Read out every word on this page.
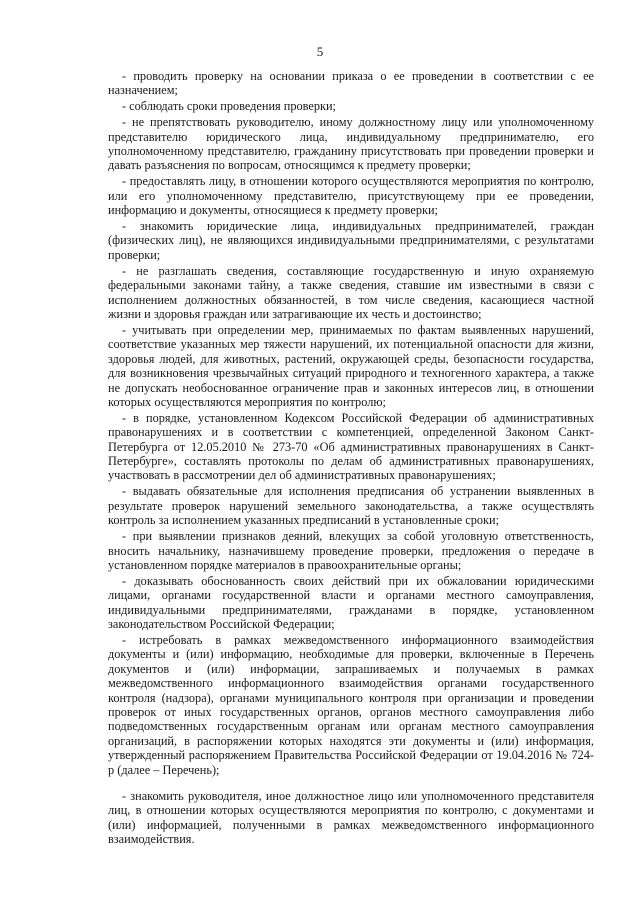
5

- проводить проверку на основании приказа о ее проведении в соответствии с ее назначением;

- соблюдать сроки проведения проверки;

- не препятствовать руководителю, иному должностному лицу или уполномоченному представителю юридического лица, индивидуальному предпринимателю, его уполномоченному представителю, гражданину присутствовать при проведении проверки и давать разъяснения по вопросам, относящимся к предмету проверки;

- предоставлять лицу, в отношении которого осуществляются мероприятия по контролю, или его уполномоченному представителю, присутствующему при ее проведении, информацию и документы, относящиеся к предмету проверки;

- знакомить юридические лица, индивидуальных предпринимателей, граждан (физических лиц), не являющихся индивидуальными предпринимателями, с результатами проверки;

- не разглашать сведения, составляющие государственную и иную охраняемую федеральными законами тайну, а также сведения, ставшие им известными в связи с исполнением должностных обязанностей, в том числе сведения, касающиеся частной жизни и здоровья граждан или затрагивающие их честь и достоинство;

- учитывать при определении мер, принимаемых по фактам выявленных нарушений, соответствие указанных мер тяжести нарушений, их потенциальной опасности для жизни, здоровья людей, для животных, растений, окружающей среды, безопасности государства, для возникновения чрезвычайных ситуаций природного и техногенного характера, а также не допускать необоснованное ограничение прав и законных интересов лиц, в отношении которых осуществляются мероприятия по контролю;

- в порядке, установленном Кодексом Российской Федерации об административных правонарушениях и в соответствии с компетенцией, определенной Законом Санкт-Петербурга от 12.05.2010 № 273-70 «Об административных правонарушениях в Санкт-Петербурге», составлять протоколы по делам об административных правонарушениях, участвовать в рассмотрении дел об административных правонарушениях;

- выдавать обязательные для исполнения предписания об устранении выявленных в результате проверок нарушений земельного законодательства, а также осуществлять контроль за исполнением указанных предписаний в установленные сроки;

- при выявлении признаков деяний, влекущих за собой уголовную ответственность, вносить начальнику, назначившему проведение проверки, предложения о передаче в установленном порядке материалов в правоохранительные органы;

- доказывать обоснованность своих действий при их обжаловании юридическими лицами, органами государственной власти и органами местного самоуправления, индивидуальными предпринимателями, гражданами в порядке, установленном законодательством Российской Федерации;

- истребовать в рамках межведомственного информационного взаимодействия документы и (или) информацию, необходимые для проверки, включенные в Перечень документов и (или) информации, запрашиваемых и получаемых в рамках межведомственного информационного взаимодействия органами государственного контроля (надзора), органами муниципального контроля при организации и проведении проверок от иных государственных органов, органов местного самоуправления либо подведомственных государственным органам или органам местного самоуправления организаций, в распоряжении которых находятся эти документы и (или) информация, утвержденный распоряжением Правительства Российской Федерации от 19.04.2016 № 724-р (далее – Перечень);

- знакомить руководителя, иное должностное лицо или уполномоченного представителя лиц, в отношении которых осуществляются мероприятия по контролю, с документами и (или) информацией, полученными в рамках межведомственного информационного взаимодействия.
